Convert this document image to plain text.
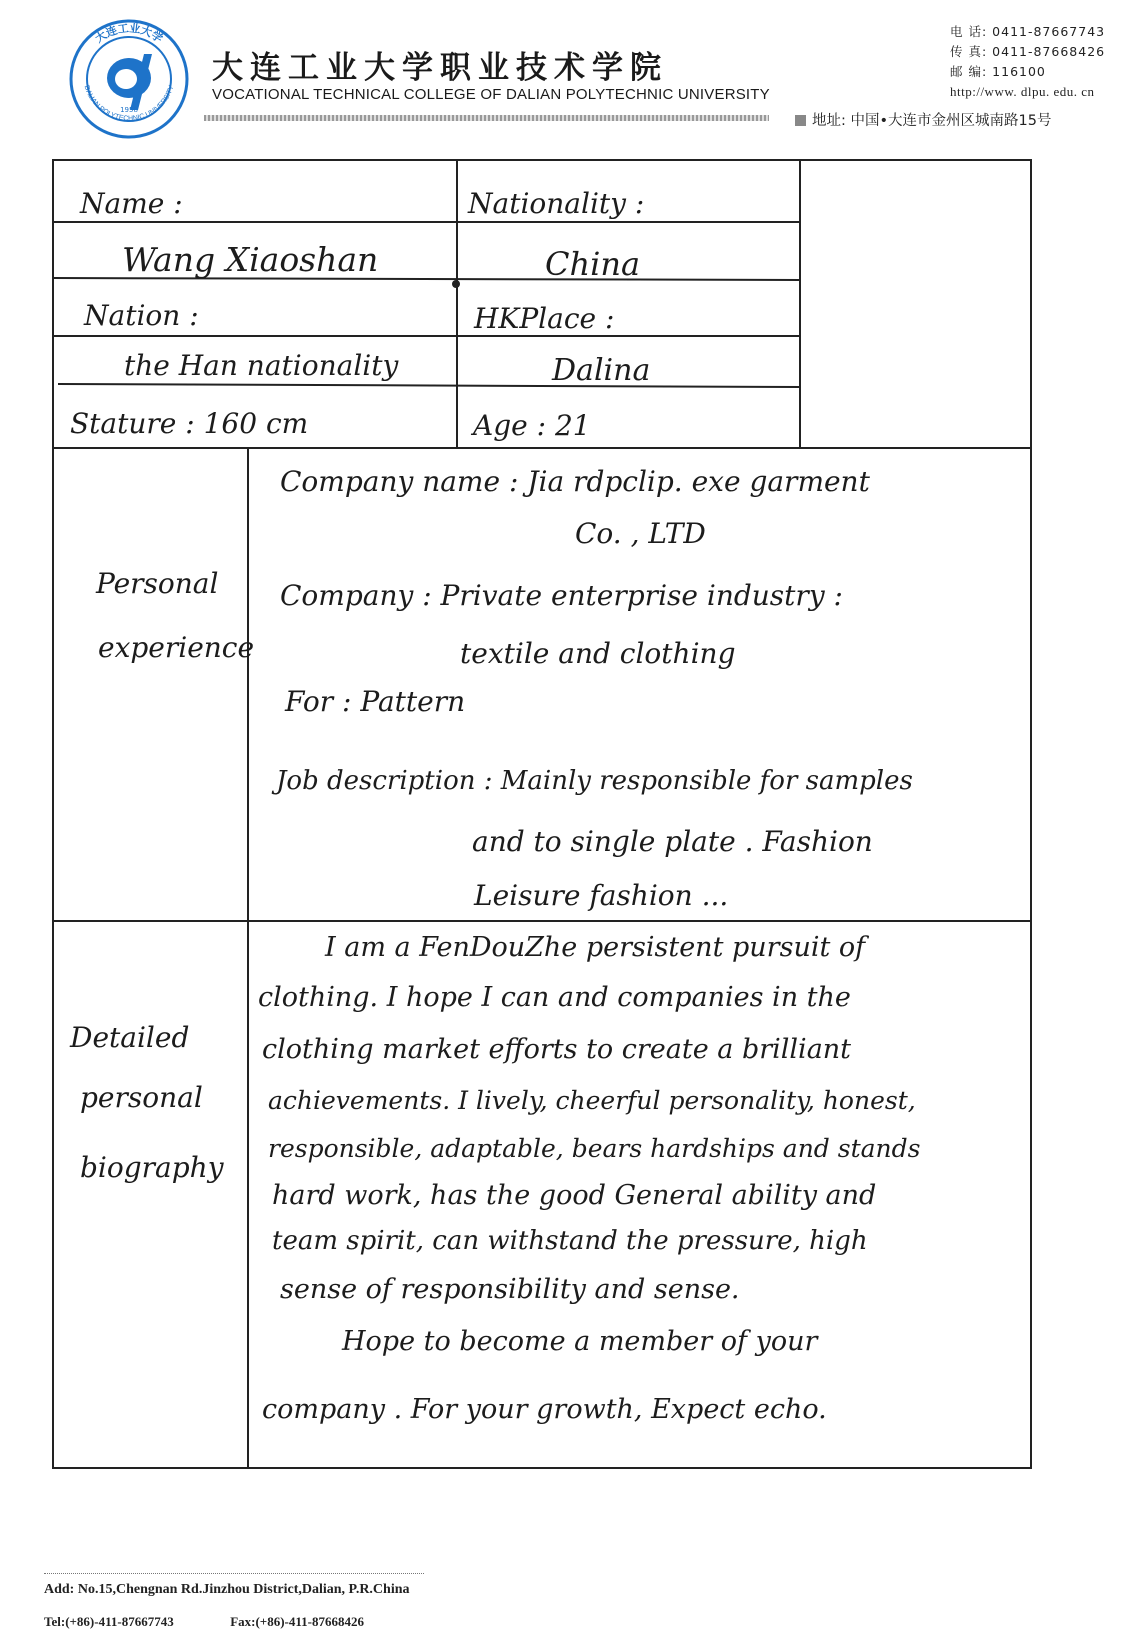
大连工业大学
DALIAN POLYTECHNIC UNIVERSITY
1958
大连工业大学职业技术学院
VOCATIONAL TECHNICAL COLLEGE OF DALIAN POLYTECHNIC UNIVERSITY
电 话: 0411-87667743
传 真: 0411-87668426
邮 编: 116100
http://www. dlpu. edu. cn
地址: 中国•大连市金州区城南路15号
Name :
Wang Xiaoshan
Nationality :
China
Nation :
the Han nationality
HKPlace :
Dalina
Stature : 160 cm	Age : 21
Personal
experience
Company name : Jia rdpclip. exe garment
Co. , LTD
Company : Private enterprise industry :
textile and clothing
For : Pattern
Job description : Mainly responsible for samples
and to single plate . Fashion
Leisure fashion ...
Detailed
personal
biography
I am a FenDouZhe persistent pursuit of
clothing. I hope I can and companies in the
clothing market efforts to create a brilliant
achievements. I lively, cheerful personality, honest,
responsible, adaptable, bears hardships and stands
hard work, has the good General ability and
team spirit, can withstand the pressure, high
sense of responsibility and sense.
Hope to become a member of your
company . For your growth, Expect echo.
Add: No.15,Chengnan Rd.Jinzhou District,Dalian, P.R.China
Tel:(+86)-411-87667743	Fax:(+86)-411-87668426
